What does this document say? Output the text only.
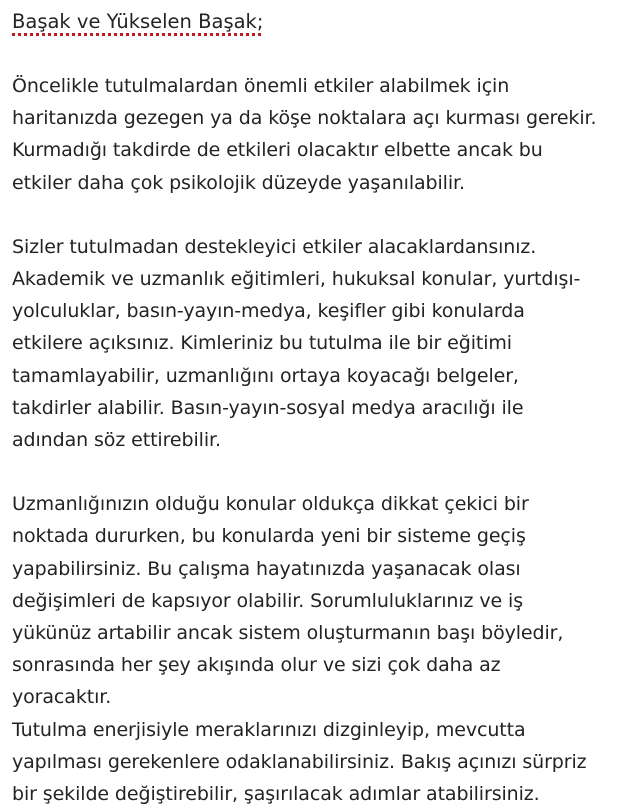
Başak ve Yükselen Başak;

Öncelikle tutulmalardan önemli etkiler alabilmek için
haritanızda gezegen ya da köşe noktalara açı kurması gerekir.
Kurmadığı takdirde de etkileri olacaktır elbette ancak bu
etkiler daha çok psikolojik düzeyde yaşanılabilir.

Sizler tutulmadan destekleyici etkiler alacaklardansınız.
Akademik ve uzmanlık eğitimleri, hukuksal konular, yurtdışı-
yolculuklar, basın-yayın-medya, keşifler gibi konularda
etkilere açıksınız. Kimleriniz bu tutulma ile bir eğitimi
tamamlayabilir, uzmanlığını ortaya koyacağı belgeler,
takdirler alabilir. Basın-yayın-sosyal medya aracılığı ile
adından söz ettirebilir.

Uzmanlığınızın olduğu konular oldukça dikkat çekici bir
noktada dururken, bu konularda yeni bir sisteme geçiş
yapabilirsiniz. Bu çalışma hayatınızda yaşanacak olası
değişimleri de kapsıyor olabilir. Sorumluluklarınız ve iş
yükünüz artabilir ancak sistem oluşturmanın başı böyledir,
sonrasında her şey akışında olur ve sizi çok daha az
yoracaktır.

Tutulma enerjisiyle meraklarınızı dizginleyip, mevcutta
yapılması gerekenlere odaklanabilirsiniz. Bakış açınızı sürpriz
bir şekilde değiştirebilir, şaşırılacak adımlar atabilirsiniz.
